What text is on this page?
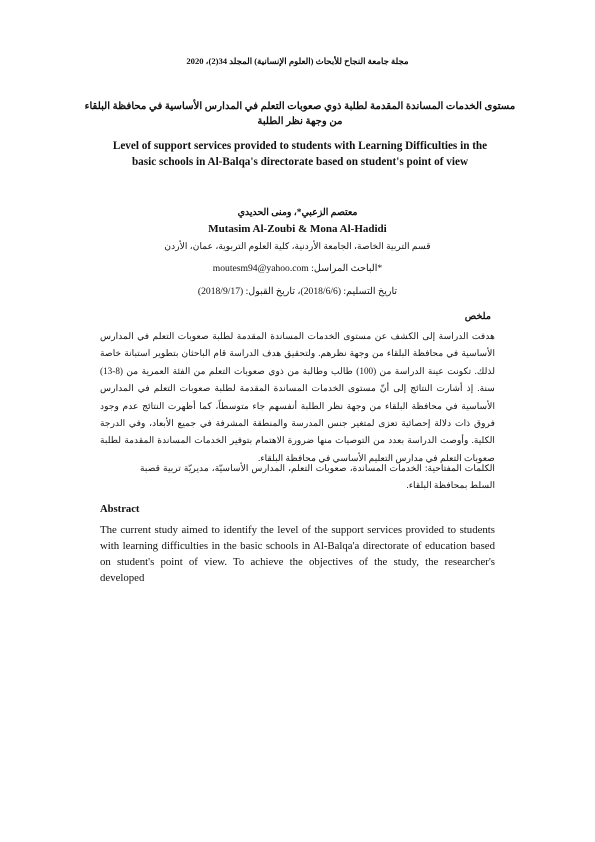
مجلة جامعة النجاح للأبحاث (العلوم الإنسانية) المجلد 34(2)، 2020
مستوى الخدمات المساندة المقدمة لطلبة ذوي صعوبات التعلم في المدارس الأساسية في محافظة البلقاء من وجهة نظر الطلبة
Level of support services provided to students with Learning Difficulties in the basic schools in Al-Balqa's directorate based on student's point of view
معتصم الزعبي*، ومنى الحديدي
Mutasim Al-Zoubi & Mona Al-Hadidi
قسم التربية الخاصة، الجامعة الأردنية، كلية العلوم التربوية، عمان، الأردن
*الباحث المراسل: moutesm94@yahoo.com
تاريخ التسليم: (2018/6/6)، تاريخ القبول: (2018/9/17)
ملخص
هدفت الدراسة إلى الكشف عن مستوى الخدمات المساندة المقدمة لطلبة صعوبات التعلم في المدارس الأساسية في محافظة البلقاء من وجهة نظرهم. ولتحقيق هدف الدراسة قام الباحثان بتطوير استبانة خاصة لذلك. تكونت عينة الدراسة من (100) طالب وطالبة من ذوي صعوبات التعلم من الفئة العمرية من (8-13) سنة. إذ أشارت النتائج إلى أنّ مستوى الخدمات المساندة المقدمة لطلبة صعوبات التعلم في المدارس الأساسية في محافظة البلقاء من وجهة نظر الطلبة أنفسهم جاء متوسطاً، كما أظهرت النتائج عدم وجود فروق ذات دلالة إحصائية تعزى لمتغير جنس المدرسة والمنطقة المشرفة في جميع الأبعاد، وفي الدرجة الكلية. وأوصت الدراسة بعدد من التوصيات منها ضرورة الاهتمام بتوفير الخدمات المساندة المقدمة لطلبة صعوبات التعلم في مدارس التعليم الأساسي في محافظة البلقاء.
الكلمات المفتاحية: الخدمات المساندة، صعوبات التعلم، المدارس الأساسيّة، مديريّة تربية قصبة السلط بمحافظة البلقاء.
Abstract
The current study aimed to identify the level of the support services provided to students with learning difficulties in the basic schools in Al-Balqa'a directorate of education based on student's point of view. To achieve the objectives of the study, the researcher's developed
